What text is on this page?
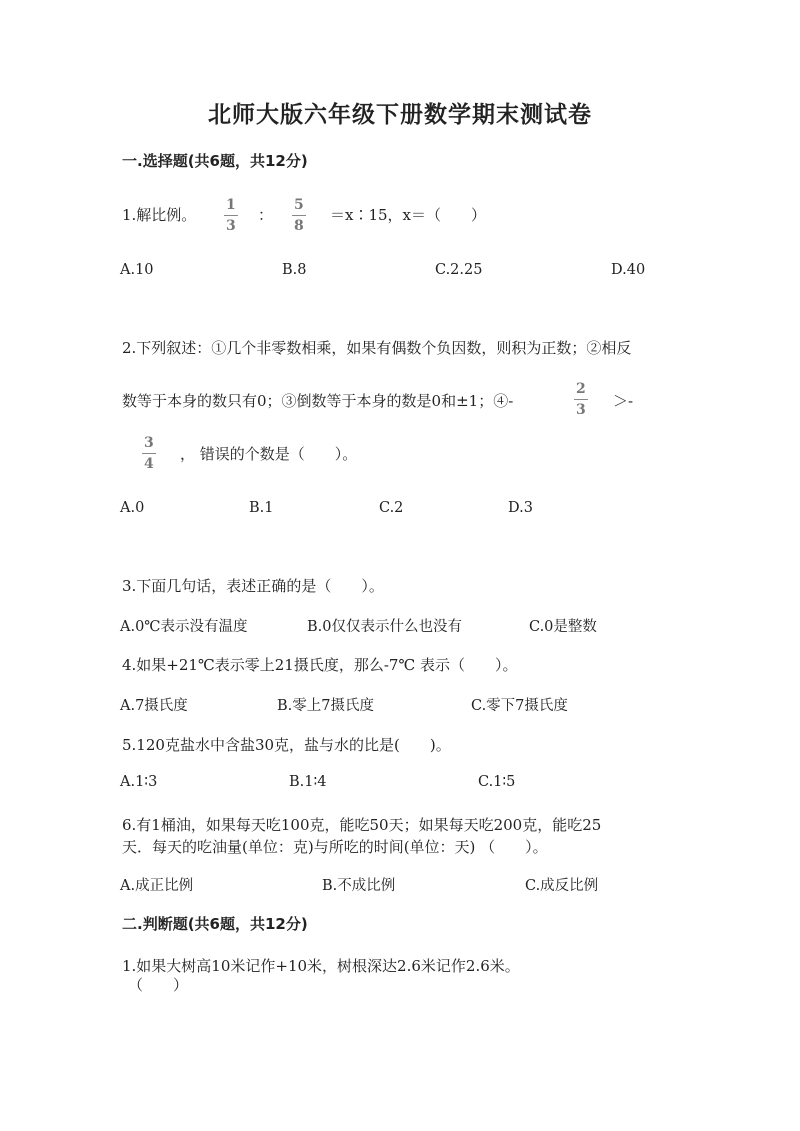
北师大版六年级下册数学期末测试卷
一.选择题(共6题，共12分)
1.解比例。 $\frac{1}{3}$ ： $\frac{5}{8}$ ＝x∶15，x＝（　　）
A.10	B.8	C.2.25	D.40
2.下列叙述：①几个非零数相乘，如果有偶数个负因数，则积为正数；②相反
数等于本身的数只有0；③倒数等于本身的数是0和±1；④-	$\frac{2}{3}$ ＞-
$\frac{3}{4}$ ， 错误的个数是（　　）。
A.0	B.1	C.2	D.3
3.下面几句话，表述正确的是（　　）。
A.0℃表示没有温度	B.0仅仅表示什么也没有	C.0是整数
4.如果+21℃表示零上21摄氏度，那么-7℃ 表示（　　）。
A.7摄氏度	B.零上7摄氏度	C.零下7摄氏度
5.120克盐水中含盐30克，盐与水的比是(　　)。
A.1∶3	B.1∶4	C.1∶5
6.有1桶油，如果每天吃100克，能吃50天；如果每天吃200克，能吃25
天．每天的吃油量(单位：克)与所吃的时间(单位：天) （　　）。
A.成正比例	B.不成比例	C.成反比例
二.判断题(共6题，共12分)
1.如果大树高10米记作+10米，树根深达2.6米记作2.6米。
（　　）
